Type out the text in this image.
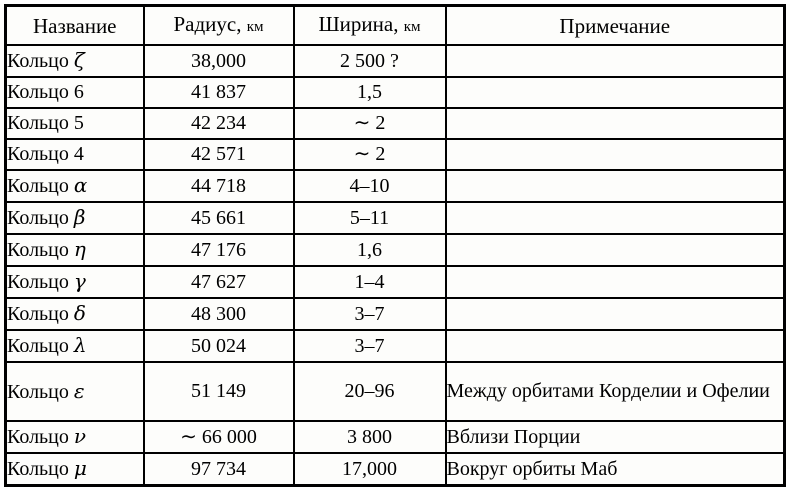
Название	Радиус, км	Ширина, км	Примечание
Кольцо ζ	38,000	2 500 ?	
Кольцо 6	41 837	1,5	
Кольцо 5	42 234	∼ 2	
Кольцо 4	42 571	∼ 2	
Кольцо α	44 718	4–10	
Кольцо β	45 661	5–11	
Кольцо η	47 176	1,6	
Кольцо γ	47 627	1–4	
Кольцо δ	48 300	3–7	
Кольцо λ	50 024	3–7	
Кольцо ε	51 149	20–96	Между орбитами Корделии и Офелии
Кольцо ν	∼ 66 000	3 800	Вблизи Порции
Кольцо μ	97 734	17,000	Вокруг орбиты Маб
